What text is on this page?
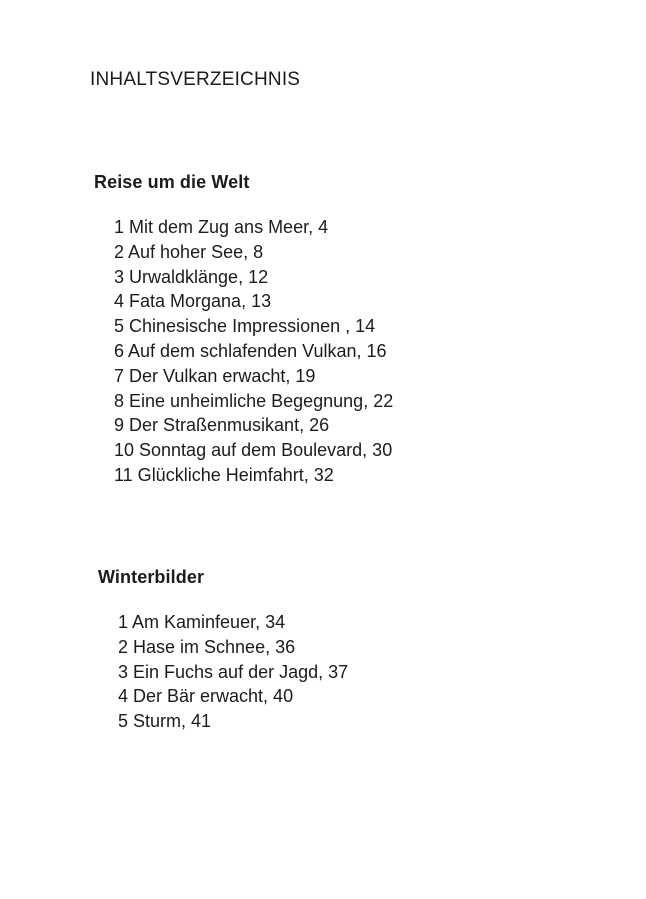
INHALTSVERZEICHNIS
Reise um die Welt
1 Mit dem Zug ans Meer, 4
2 Auf hoher See, 8
3 Urwaldklänge, 12
4 Fata Morgana, 13
5 Chinesische Impressionen , 14
6 Auf dem schlafenden Vulkan, 16
7 Der Vulkan erwacht, 19
8 Eine unheimliche Begegnung, 22
9 Der Straßenmusikant, 26
10 Sonntag auf dem Boulevard, 30
11 Glückliche Heimfahrt, 32
Winterbilder
1 Am Kaminfeuer, 34
2 Hase im Schnee, 36
3 Ein Fuchs auf der Jagd, 37
4 Der Bär erwacht, 40
5 Sturm, 41
